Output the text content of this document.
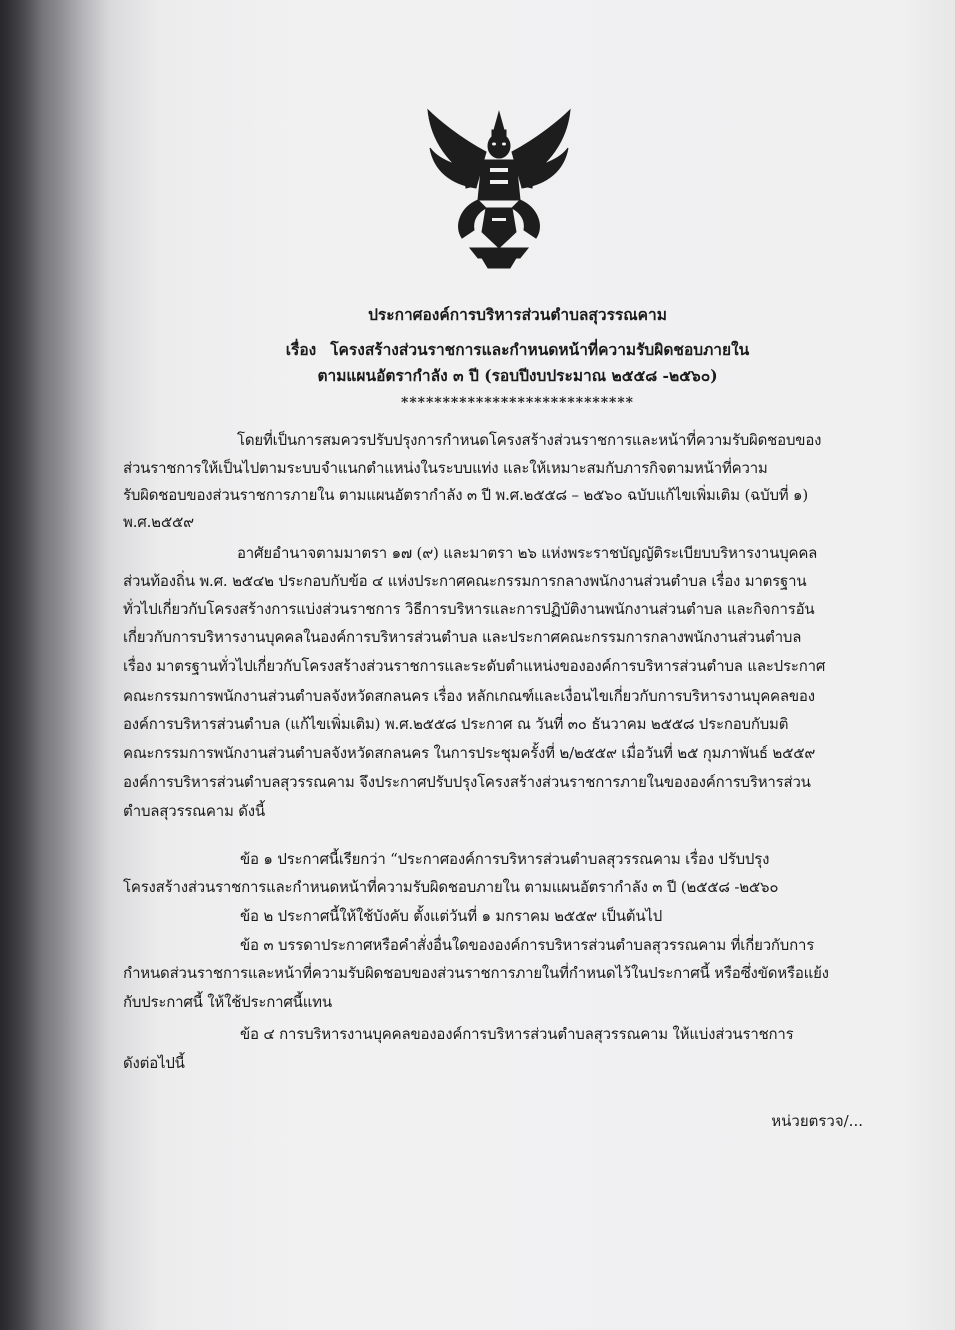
ประกาศองค์การบริหารส่วนตำบลสุวรรณคาม
เรื่อง โครงสร้างส่วนราชการและกำหนดหน้าที่ความรับผิดชอบภายใน
ตามแผนอัตรากำลัง ๓ ปี (รอบปีงบประมาณ ๒๕๕๘ -๒๕๖๐)
****************************
โดยที่เป็นการสมควรปรับปรุงการกำหนดโครงสร้างส่วนราชการและหน้าที่ความรับผิดชอบของ
ส่วนราชการให้เป็นไปตามระบบจำแนกตำแหน่งในระบบแท่ง และให้เหมาะสมกับภารกิจตามหน้าที่ความ
รับผิดชอบของส่วนราชการภายใน ตามแผนอัตรากำลัง ๓ ปี พ.ศ.๒๕๕๘ – ๒๕๖๐ ฉบับแก้ไขเพิ่มเติม (ฉบับที่ ๑)
พ.ศ.๒๕๕๙
อาศัยอำนาจตามมาตรา ๑๗ (๙) และมาตรา ๒๖ แห่งพระราชบัญญัติระเบียบบริหารงานบุคคล
ส่วนท้องถิ่น พ.ศ. ๒๕๔๒ ประกอบกับข้อ ๔ แห่งประกาศคณะกรรมการกลางพนักงานส่วนตำบล เรื่อง มาตรฐาน
ทั่วไปเกี่ยวกับโครงสร้างการแบ่งส่วนราชการ วิธีการบริหารและการปฏิบัติงานพนักงานส่วนตำบล และกิจการอัน
เกี่ยวกับการบริหารงานบุคคลในองค์การบริหารส่วนตำบล และประกาศคณะกรรมการกลางพนักงานส่วนตำบล
เรื่อง มาตรฐานทั่วไปเกี่ยวกับโครงสร้างส่วนราชการและระดับตำแหน่งขององค์การบริหารส่วนตำบล และประกาศ
คณะกรรมการพนักงานส่วนตำบลจังหวัดสกลนคร เรื่อง หลักเกณฑ์และเงื่อนไขเกี่ยวกับการบริหารงานบุคคลของ
องค์การบริหารส่วนตำบล (แก้ไขเพิ่มเติม) พ.ศ.๒๕๕๘ ประกาศ ณ วันที่ ๓๐ ธันวาคม ๒๕๕๘ ประกอบกับมติ
คณะกรรมการพนักงานส่วนตำบลจังหวัดสกลนคร ในการประชุมครั้งที่ ๒/๒๕๕๙ เมื่อวันที่ ๒๕ กุมภาพันธ์ ๒๕๕๙
องค์การบริหารส่วนตำบลสุวรรณคาม จึงประกาศปรับปรุงโครงสร้างส่วนราชการภายในขององค์การบริหารส่วน
ตำบลสุวรรณคาม ดังนี้
ข้อ ๑ ประกาศนี้เรียกว่า “ประกาศองค์การบริหารส่วนตำบลสุวรรณคาม เรื่อง ปรับปรุง
โครงสร้างส่วนราชการและกำหนดหน้าที่ความรับผิดชอบภายใน ตามแผนอัตรากำลัง ๓ ปี (๒๕๕๘ -๒๕๖๐
ข้อ ๒ ประกาศนี้ให้ใช้บังคับ ตั้งแต่วันที่ ๑ มกราคม ๒๕๕๙ เป็นต้นไป
ข้อ ๓ บรรดาประกาศหรือคำสั่งอื่นใดขององค์การบริหารส่วนตำบลสุวรรณคาม ที่เกี่ยวกับการ
กำหนดส่วนราชการและหน้าที่ความรับผิดชอบของส่วนราชการภายในที่กำหนดไว้ในประกาศนี้ หรือซึ่งขัดหรือแย้ง
กับประกาศนี้ ให้ใช้ประกาศนี้แทน
ข้อ ๔ การบริหารงานบุคคลขององค์การบริหารส่วนตำบลสุวรรณคาม ให้แบ่งส่วนราชการ
ดังต่อไปนี้
หน่วยตรวจ/...
